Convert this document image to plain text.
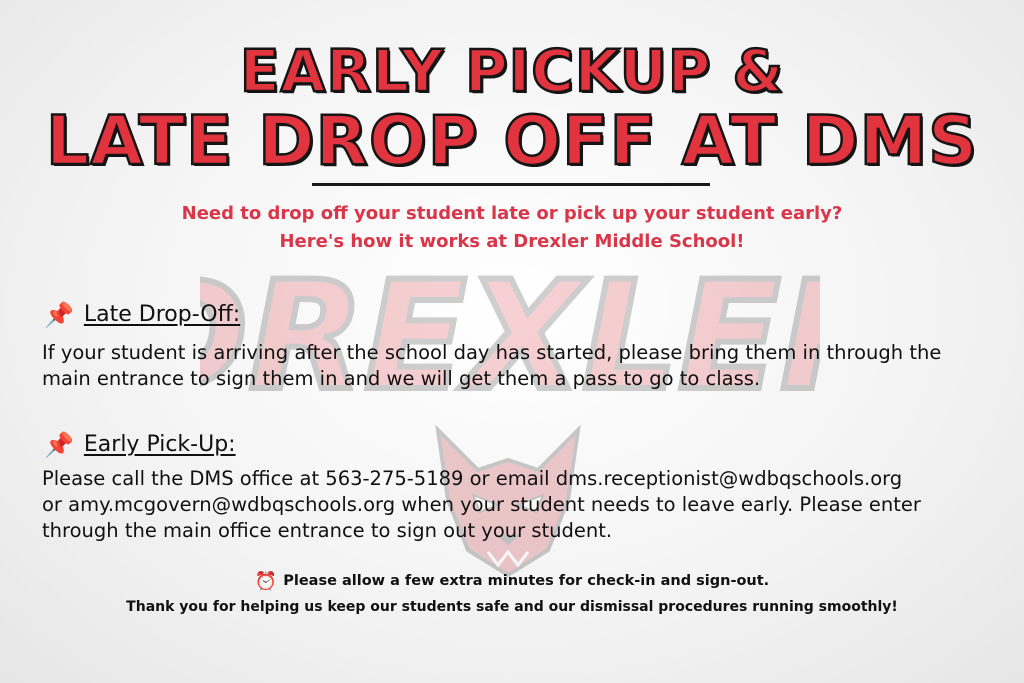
REXLE
EARLY PICKUP &
LATE DROP OFF AT DMS
Need to drop off your student late or pick up your student early?
Here's how it works at Drexler Middle School!
📌 Late Drop-Off:

If your student is arriving after the school day has started, please bring them in through the
main entrance to sign them in and we will get them a pass to go to class.

📌 Early Pick-Up:

Please call the DMS office at 563-275-5189 or email dms.receptionist@wdbqschools.org
or amy.mcgovern@wdbqschools.org when your student needs to leave early. Please enter
through the main office entrance to sign out your student.

⏰ Please allow a few extra minutes for check-in and sign-out.
Thank you for helping us keep our students safe and our dismissal procedures running smoothly!
